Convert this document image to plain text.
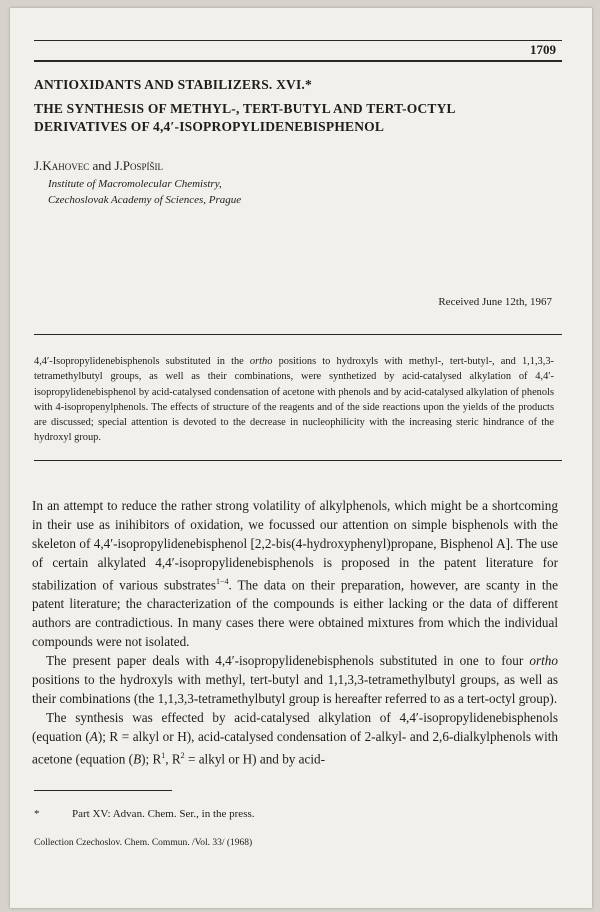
1709
ANTIOXIDANTS AND STABILIZERS. XVI.*
THE SYNTHESIS OF METHYL-, TERT-BUTYL AND TERT-OCTYL
DERIVATIVES OF 4,4′-ISOPROPYLIDENEBISPHENOL
J.Kahovec and J.Pospíšil
Institute of Macromolecular Chemistry,
Czechoslovak Academy of Sciences, Prague
Received June 12th, 1967
4,4′-Isopropylidenebisphenols substituted in the ortho positions to hydroxyls with methyl-, tert-butyl-, and 1,1,3,3-tetramethylbutyl groups, as well as their combinations, were synthetized by acid-catalysed alkylation of 4,4′-isopropylidenebisphenol by acid-catalysed condensation of acetone with phenols and by acid-catalysed alkylation of phenols with 4-isopropenylphenols. The effects of structure of the reagents and of the side reactions upon the yields of the products are discussed; special attention is devoted to the decrease in nucleophilicity with the increasing steric hindrance of the hydroxyl group.

In an attempt to reduce the rather strong volatility of alkylphenols, which might be a shortcoming in their use as inihibitors of oxidation, we focussed our attention on simple bisphenols with the skeleton of 4,4′-isopropylidenebisphenol [2,2-bis(4-hydroxyphenyl)propane, Bisphenol A]. The use of certain alkylated 4,4′-isopropylidenebisphenols is proposed in the patent literature for stabilization of various substrates$^{1-4}$. The data on their preparation, however, are scanty in the patent literature; the characterization of the compounds is either lacking or the data of different authors are contradictious. In many cases there were obtained mixtures from which the individual compounds were not isolated.

The present paper deals with 4,4′-isopropylidenebisphenols substituted in one to four ortho positions to the hydroxyls with methyl, tert-butyl and 1,1,3,3-tetramethylbutyl groups, as well as their combinations (the 1,1,3,3-tetramethylbutyl group is hereafter referred to as a tert-octyl group).

The synthesis was effected by acid-catalysed alkylation of 4,4′-isopropylidenebisphenols (equation (A); R = alkyl or H), acid-catalysed condensation of 2-alkyl- and 2,6-dialkylphenols with acetone (equation (B); $R^1$, $R^2$ = alkyl or H) and by acid-

*	Part XV: Advan. Chem. Ser., in the press.
Collection Czechoslov. Chem. Commun. /Vol. 33/ (1968)
